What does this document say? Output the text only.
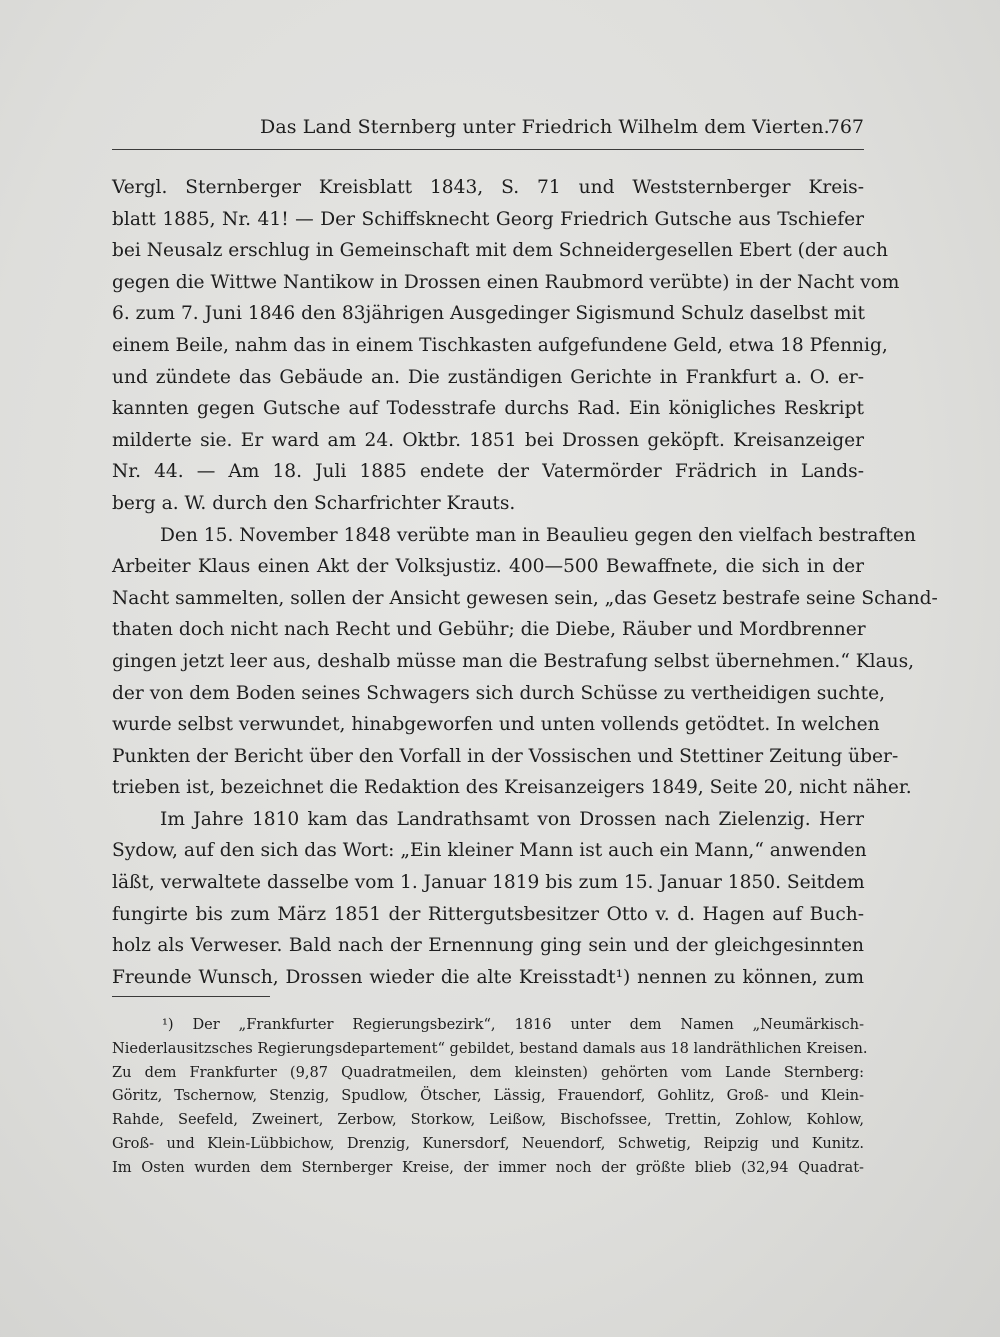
Das Land Sternberg unter Friedrich Wilhelm dem Vierten.
767
Vergl. Sternberger Kreisblatt 1843, S. 71 und Weststernberger Kreis-
blatt 1885, Nr. 41! — Der Schiffsknecht Georg Friedrich Gutsche aus Tschiefer
bei Neusalz erschlug in Gemeinschaft mit dem Schneidergesellen Ebert (der auch
gegen die Wittwe Nantikow in Drossen einen Raubmord verübte) in der Nacht vom
6. zum 7. Juni 1846 den 83jährigen Ausgedinger Sigismund Schulz daselbst mit
einem Beile, nahm das in einem Tischkasten aufgefundene Geld, etwa 18 Pfennig,
und zündete das Gebäude an. Die zuständigen Gerichte in Frankfurt a. O. er-
kannten gegen Gutsche auf Todesstrafe durchs Rad. Ein königliches Reskript
milderte sie. Er ward am 24. Oktbr. 1851 bei Drossen geköpft. Kreisanzeiger
Nr. 44. — Am 18. Juli 1885 endete der Vatermörder Frädrich in Lands-
berg a. W. durch den Scharfrichter Krauts.
Den 15. November 1848 verübte man in Beaulieu gegen den vielfach bestraften
Arbeiter Klaus einen Akt der Volksjustiz. 400—500 Bewaffnete, die sich in der
Nacht sammelten, sollen der Ansicht gewesen sein, „das Gesetz bestrafe seine Schand-
thaten doch nicht nach Recht und Gebühr; die Diebe, Räuber und Mordbrenner
gingen jetzt leer aus, deshalb müsse man die Bestrafung selbst übernehmen.“ Klaus,
der von dem Boden seines Schwagers sich durch Schüsse zu vertheidigen suchte,
wurde selbst verwundet, hinabgeworfen und unten vollends getödtet. In welchen
Punkten der Bericht über den Vorfall in der Vossischen und Stettiner Zeitung über-
trieben ist, bezeichnet die Redaktion des Kreisanzeigers 1849, Seite 20, nicht näher.
Im Jahre 1810 kam das Landrathsamt von Drossen nach Zielenzig. Herr
Sydow, auf den sich das Wort: „Ein kleiner Mann ist auch ein Mann,“ anwenden
läßt, verwaltete dasselbe vom 1. Januar 1819 bis zum 15. Januar 1850. Seitdem
fungirte bis zum März 1851 der Rittergutsbesitzer Otto v. d. Hagen auf Buch-
holz als Verweser. Bald nach der Ernennung ging sein und der gleichgesinnten
Freunde Wunsch, Drossen wieder die alte Kreisstadt¹) nennen zu können, zum
¹) Der „Frankfurter Regierungsbezirk“, 1816 unter dem Namen „Neumärkisch-
Niederlausitzsches Regierungsdepartement“ gebildet, bestand damals aus 18 landräthlichen Kreisen.
Zu dem Frankfurter (9,87 Quadratmeilen, dem kleinsten) gehörten vom Lande Sternberg:
Göritz, Tschernow, Stenzig, Spudlow, Ötscher, Lässig, Frauendorf, Gohlitz, Groß- und Klein-
Rahde, Seefeld, Zweinert, Zerbow, Storkow, Leißow, Bischofssee, Trettin, Zohlow, Kohlow,
Groß- und Klein-Lübbichow, Drenzig, Kunersdorf, Neuendorf, Schwetig, Reipzig und Kunitz.
Im Osten wurden dem Sternberger Kreise, der immer noch der größte blieb (32,94 Quadrat-
